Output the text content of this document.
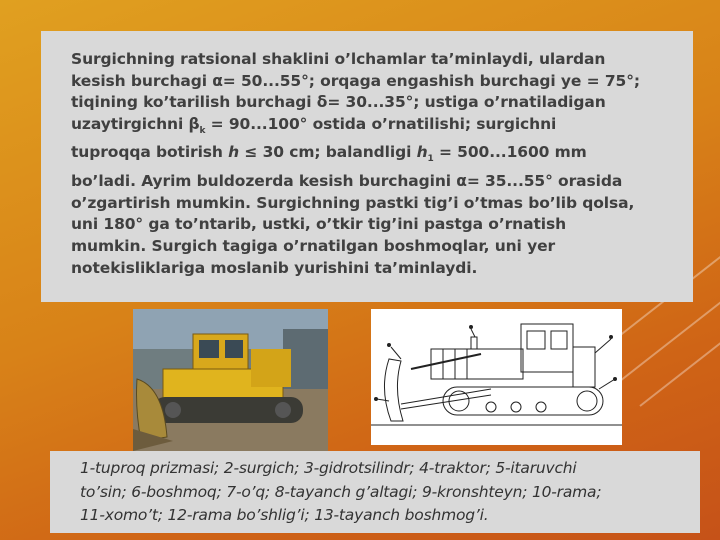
Surgichning ratsional shaklini o’lchamlar ta’minlaydi, ulardan
kesish burchagi α= 50...55°; orqaga engashish burchagi ye = 75°;
tiqining ko’tarilish burchagi δ= 30...35°; ustiga o’rnatiladigan
uzaytirgichni $\beta_k = 90...100^\circ$ ostida o’rnatilishi; surgichni
tuproqqa botirish h ≤ 30 cm; balandligi $h_1 = 500...1600$ mm
bo’ladi. Ayrim buldozerda kesish burchagini α= 35...55° orasida
o’zgartirish mumkin. Surgichning pastki tig’i o’tmas bo’lib qolsa,
uni 180° ga to’ntarib, ustki, o’tkir tig’ini pastga o’rnatish
mumkin. Surgich tagiga o’rnatilgan boshmoqlar, uni yer
notekisliklariga moslanib yurishini ta’minlaydi.

1-tuproq prizmasi; 2-surgich; 3-gidrotsilindr; 4-traktor; 5-itaruvchi
to’sin; 6-boshmoq; 7-o’q; 8-tayanch g’altagi; 9-kronshteyn; 10-rama;
11-xomo’t; 12-rama bo’shlig’i; 13-tayanch boshmog’i.
